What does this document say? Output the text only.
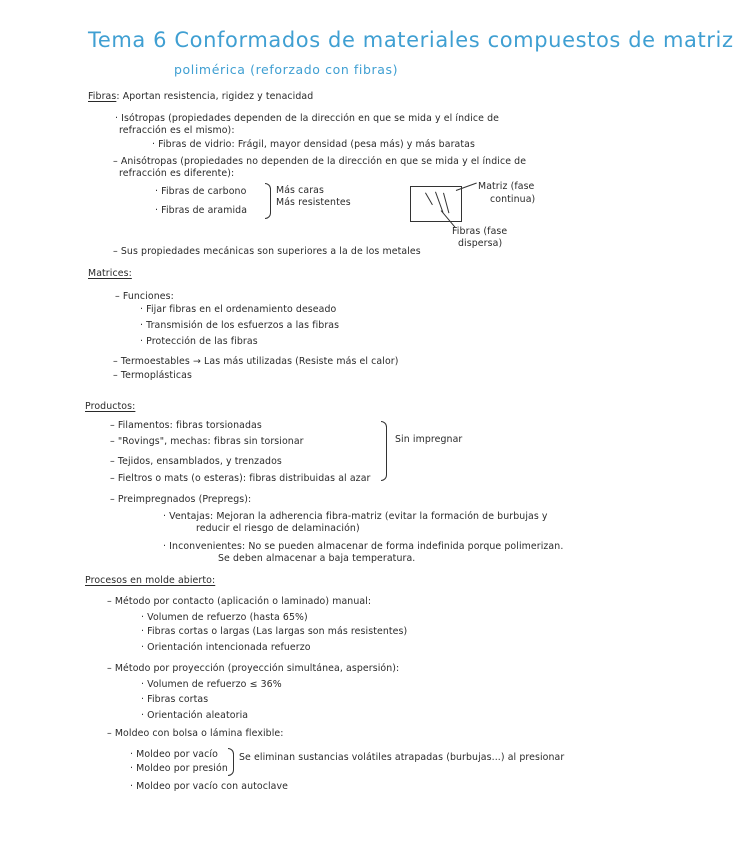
Tema 6 Conformados de materiales compuestos de matriz
polimérica (reforzado con fibras)
Fibras: Aportan resistencia, rigidez y tenacidad
· Isótropas (propiedades dependen de la dirección en que se mida y el índice de
refracción es el mismo):
· Fibras de vidrio: Frágil, mayor densidad (pesa más) y más baratas
– Anisótropas (propiedades no dependen de la dirección en que se mida y el índice de
refracción es diferente):
· Fibras de carbono
· Fibras de aramida
Más caras
Más resistentes
Matriz (fase
continua)
Fibras (fase
dispersa)
– Sus propiedades mecánicas son superiores a la de los metales
Matrices:
– Funciones:
· Fijar fibras en el ordenamiento deseado
· Transmisión de los esfuerzos a las fibras
· Protección de las fibras
– Termoestables → Las más utilizadas (Resiste más el calor)
– Termoplásticas
Productos:
– Filamentos: fibras torsionadas
– "Rovings", mechas: fibras sin torsionar
– Tejidos, ensamblados, y trenzados
– Fieltros o mats (o esteras): fibras distribuidas al azar
Sin impregnar
– Preimpregnados (Prepregs):
· Ventajas: Mejoran la adherencia fibra-matriz (evitar la formación de burbujas y
reducir el riesgo de delaminación)
· Inconvenientes: No se pueden almacenar de forma indefinida porque polimerizan.
Se deben almacenar a baja temperatura.
Procesos en molde abierto:
– Método por contacto (aplicación o laminado) manual:
· Volumen de refuerzo (hasta 65%)
· Fibras cortas o largas (Las largas son más resistentes)
· Orientación intencionada refuerzo
– Método por proyección (proyección simultánea, aspersión):
· Volumen de refuerzo ≤ 36%
· Fibras cortas
· Orientación aleatoria
– Moldeo con bolsa o lámina flexible:
· Moldeo por vacío
· Moldeo por presión
Se eliminan sustancias volátiles atrapadas (burbujas...) al presionar
· Moldeo por vacío con autoclave
